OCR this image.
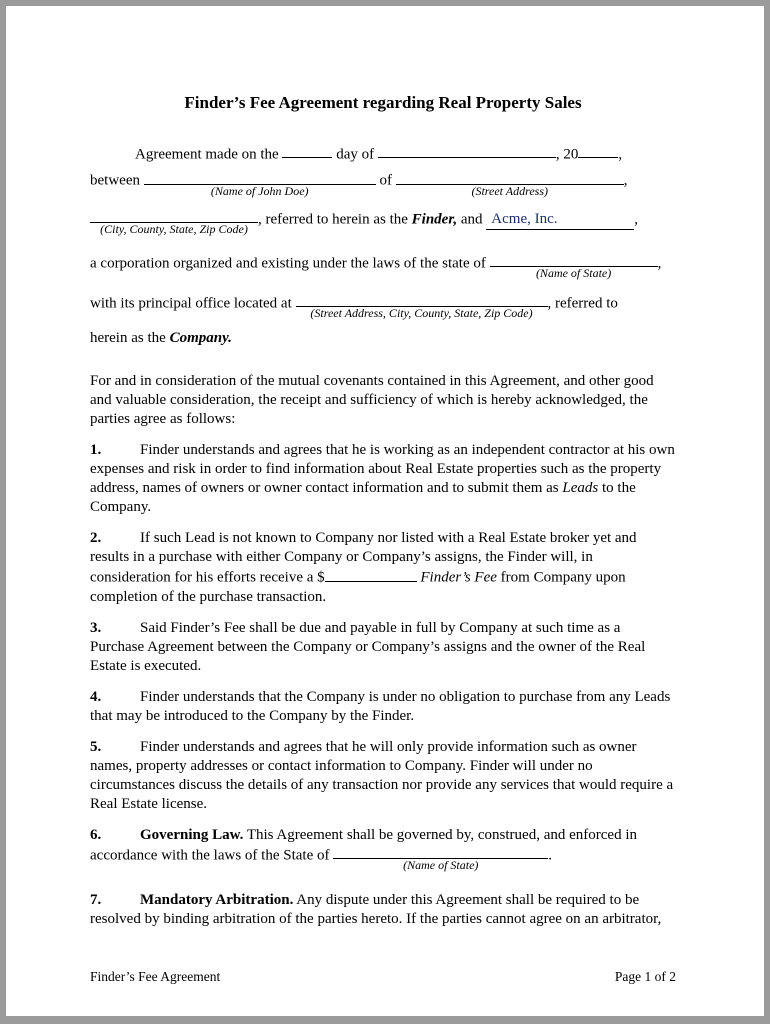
Finder’s Fee Agreement regarding Real Property Sales
Agreement made on the	day of	, 20	,
between
(Name of John Doe)
of
(Street Address)
,
(City, County, State, Zip Code)
, referred to herein as the Finder, and Acme, Inc.	,
a corporation organized and existing under the laws of the state of
(Name of State)
,
with its principal office located at
(Street Address, City, County, State, Zip Code)
, referred to
herein as the Company.

For and in consideration of the mutual covenants contained in this Agreement, and other good and valuable consideration, the receipt and sufficiency of which is hereby acknowledged, the parties agree as follows:

1.	Finder understands and agrees that he is working as an independent contractor at his own expenses and risk in order to find information about Real Estate properties such as the property address, names of owners or owner contact information and to submit them as Leads to the Company.

2.	If such Lead is not known to Company nor listed with a Real Estate broker yet and results in a purchase with either Company or Company’s assigns, the Finder will, in consideration for his efforts receive a $	Finder’s Fee from Company upon completion of the purchase transaction.

3.	Said Finder’s Fee shall be due and payable in full by Company at such time as a Purchase Agreement between the Company or Company’s assigns and the owner of the Real Estate is executed.

4.	Finder understands that the Company is under no obligation to purchase from any Leads that may be introduced to the Company by the Finder.

5.	Finder understands and agrees that he will only provide information such as owner names, property addresses or contact information to Company. Finder will under no circumstances discuss the details of any transaction nor provide any services that would require a Real Estate license.

6.	Governing Law. This Agreement shall be governed by, construed, and enforced in accordance with the laws of the State of
(Name of State)
.

7.	Mandatory Arbitration. Any dispute under this Agreement shall be required to be resolved by binding arbitration of the parties hereto. If the parties cannot agree on an arbitrator,

Finder’s Fee Agreement	Page 1 of 2
